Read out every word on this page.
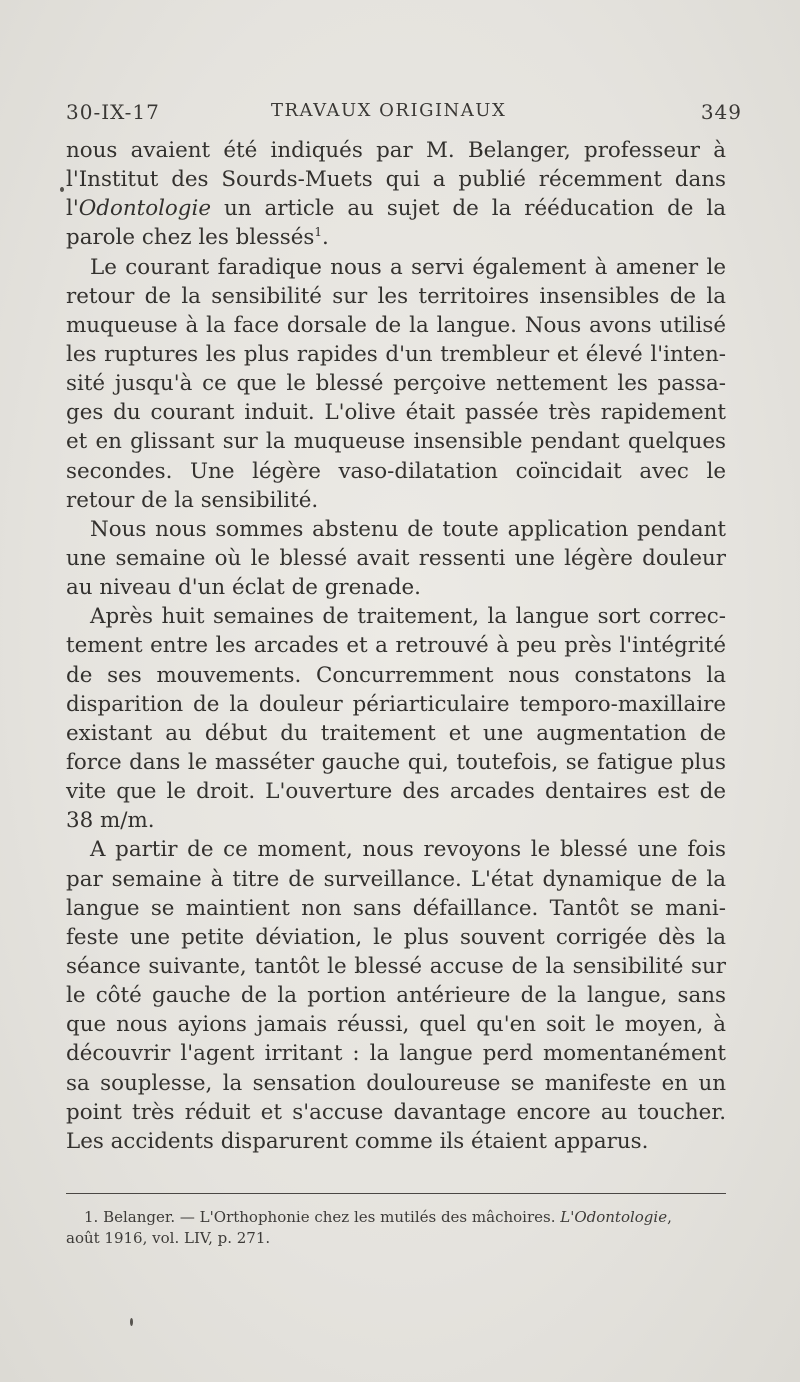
30-IX-17	TRAVAUX ORIGINAUX	349
nous avaient été indiqués par M. Belanger, professeur à
l'Institut des Sourds-Muets qui a publié récemment dans
l'Odontologie un article au sujet de la rééducation de la
parole chez les blessés$^1$.
Le courant faradique nous a servi également à amener le
retour de la sensibilité sur les territoires insensibles de la
muqueuse à la face dorsale de la langue. Nous avons utilisé
les ruptures les plus rapides d'un trembleur et élevé l'inten-
sité jusqu'à ce que le blessé perçoive nettement les passa-
ges du courant induit. L'olive était passée très rapidement
et en glissant sur la muqueuse insensible pendant quelques
secondes. Une légère vaso-dilatation coïncidait avec le
retour de la sensibilité.
Nous nous sommes abstenu de toute application pendant
une semaine où le blessé avait ressenti une légère douleur
au niveau d'un éclat de grenade.
Après huit semaines de traitement, la langue sort correc-
tement entre les arcades et a retrouvé à peu près l'intégrité
de ses mouvements. Concurremment nous constatons la
disparition de la douleur périarticulaire temporo-maxillaire
existant au début du traitement et une augmentation de
force dans le masséter gauche qui, toutefois, se fatigue plus
vite que le droit. L'ouverture des arcades dentaires est de
38 m/m.
A partir de ce moment, nous revoyons le blessé une fois
par semaine à titre de surveillance. L'état dynamique de la
langue se maintient non sans défaillance. Tantôt se mani-
feste une petite déviation, le plus souvent corrigée dès la
séance suivante, tantôt le blessé accuse de la sensibilité sur
le côté gauche de la portion antérieure de la langue, sans
que nous ayions jamais réussi, quel qu'en soit le moyen, à
découvrir l'agent irritant : la langue perd momentanément
sa souplesse, la sensation douloureuse se manifeste en un
point très réduit et s'accuse davantage encore au toucher.
Les accidents disparurent comme ils étaient apparus.
1. Belanger. — L'Orthophonie chez les mutilés des mâchoires. L'Odontologie,
août 1916, vol. LIV, p. 271.
